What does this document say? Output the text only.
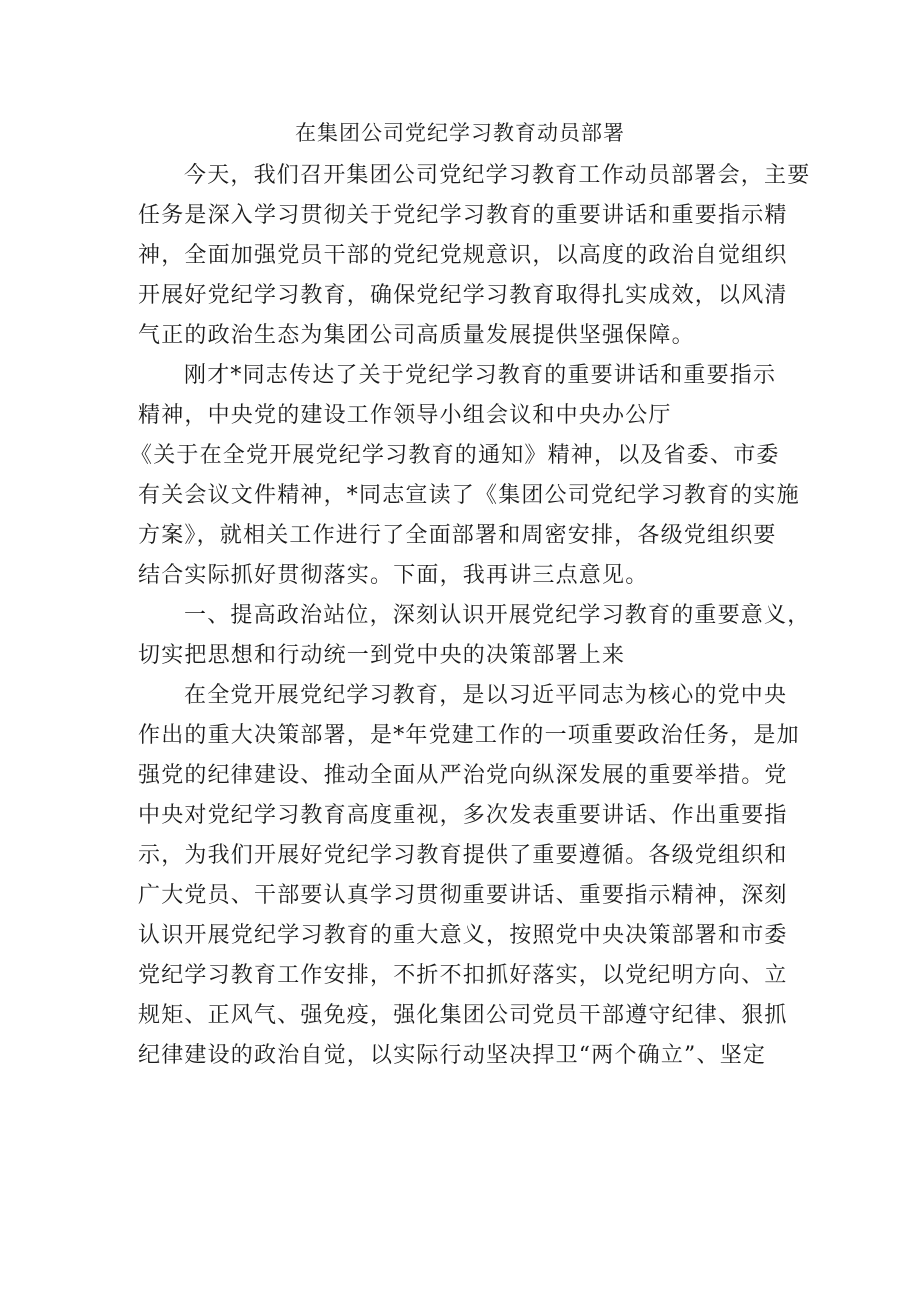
在集团公司党纪学习教育动员部署
今天，我们召开集团公司党纪学习教育工作动员部署会，主要
任务是深入学习贯彻关于党纪学习教育的重要讲话和重要指示精
神，全面加强党员干部的党纪党规意识，以高度的政治自觉组织
开展好党纪学习教育，确保党纪学习教育取得扎实成效，以风清
气正的政治生态为集团公司高质量发展提供坚强保障。
刚才*同志传达了关于党纪学习教育的重要讲话和重要指示
精神，中央党的建设工作领导小组会议和中央办公厅
《关于在全党开展党纪学习教育的通知》精神，以及省委、市委
有关会议文件精神，*同志宣读了《集团公司党纪学习教育的实施
方案》，就相关工作进行了全面部署和周密安排，各级党组织要
结合实际抓好贯彻落实。下面，我再讲三点意见。
一、提高政治站位，深刻认识开展党纪学习教育的重要意义，
切实把思想和行动统一到党中央的决策部署上来
在全党开展党纪学习教育，是以习近平同志为核心的党中央
作出的重大决策部署，是*年党建工作的一项重要政治任务，是加
强党的纪律建设、推动全面从严治党向纵深发展的重要举措。党
中央对党纪学习教育高度重视，多次发表重要讲话、作出重要指
示，为我们开展好党纪学习教育提供了重要遵循。各级党组织和
广大党员、干部要认真学习贯彻重要讲话、重要指示精神，深刻
认识开展党纪学习教育的重大意义，按照党中央决策部署和市委
党纪学习教育工作安排，不折不扣抓好落实，以党纪明方向、立
规矩、正风气、强免疫，强化集团公司党员干部遵守纪律、狠抓
纪律建设的政治自觉，以实际行动坚决捍卫“两个确立”、坚定
